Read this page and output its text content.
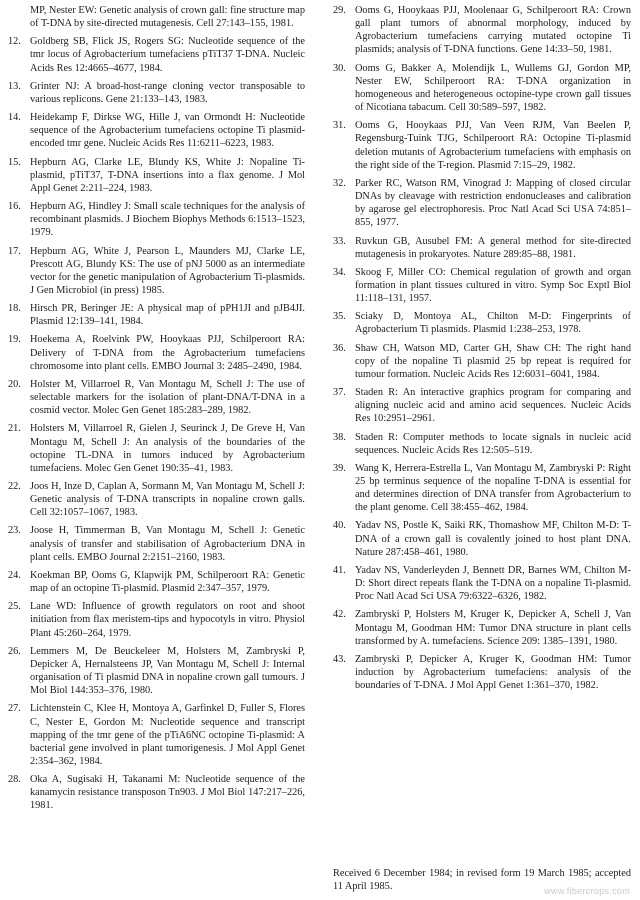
MP, Nester EW: Genetic analysis of crown gall: fine structure map of T-DNA by site-directed mutagenesis. Cell 27:143–155, 1981.

12. Goldberg SB, Flick JS, Rogers SG: Nucleotide sequence of the tmr locus of Agrobacterium tumefaciens pTiT37 T-DNA. Nucleic Acids Res 12:4665–4677, 1984.

13. Grinter NJ: A broad-host-range cloning vector transposable to various replicons. Gene 21:133–143, 1983.

14. Heidekamp F, Dirkse WG, Hille J, van Ormondt H: Nucleotide sequence of the Agrobacterium tumefaciens octopine Ti plasmid-encoded tmr gene. Nucleic Acids Res 11:6211–6223, 1983.

15. Hepburn AG, Clarke LE, Blundy KS, White J: Nopaline Ti-plasmid, pTiT37, T-DNA insertions into a flax genome. J Mol Appl Genet 2:211–224, 1983.

16. Hepburn AG, Hindley J: Small scale techniques for the analysis of recombinant plasmids. J Biochem Biophys Methods 6:1513–1523, 1979.

17. Hepburn AG, White J, Pearson L, Maunders MJ, Clarke LE, Prescott AG, Blundy KS: The use of pNJ 5000 as an intermediate vector for the genetic manipulation of Agrobacterium Ti-plasmids. J Gen Microbiol (in press) 1985.

18. Hirsch PR, Beringer JE: A physical map of pPH1JI and pJB4JI. Plasmid 12:139–141, 1984.

19. Hoekema A, Roelvink PW, Hooykaas PJJ, Schilperoort RA: Delivery of T-DNA from the Agrobacterium tumefaciens chromosome into plant cells. EMBO Journal 3: 2485–2490, 1984.

20. Holster M, Villarroel R, Van Montagu M, Schell J: The use of selectable markers for the isolation of plant-DNA/T-DNA in a cosmid vector. Molec Gen Genet 185:283–289, 1982.

21. Holsters M, Villarroel R, Gielen J, Seurinck J, De Greve H, Van Montagu M, Schell J: An analysis of the boundaries of the octopine TL-DNA in tumors induced by Agrobacterium tumefaciens. Molec Gen Genet 190:35–41, 1983.

22. Joos H, Inze D, Caplan A, Sormann M, Van Montagu M, Schell J: Genetic analysis of T-DNA transcripts in nopaline crown galls. Cell 32:1057–1067, 1983.

23. Joose H, Timmerman B, Van Montagu M, Schell J: Genetic analysis of transfer and stabilisation of Agrobacterium DNA in plant cells. EMBO Journal 2:2151–2160, 1983.

24. Koekman BP, Ooms G, Klapwijk PM, Schilperoort RA: Genetic map of an octopine Ti-plasmid. Plasmid 2:347–357, 1979.

25. Lane WD: Influence of growth regulators on root and shoot initiation from flax meristem-tips and hypocotyls in vitro. Physiol Plant 45:260–264, 1979.

26. Lemmers M, De Beuckeleer M, Holsters M, Zambryski P, Depicker A, Hernalsteens JP, Van Montagu M, Schell J: Internal organisation of Ti plasmid DNA in nopaline crown gall tumours. J Mol Biol 144:353–376, 1980.

27. Lichtenstein C, Klee H, Montoya A, Garfinkel D, Fuller S, Flores C, Nester E, Gordon M: Nucleotide sequence and transcript mapping of the tmr gene of the pTiA6NC octopine Ti-plasmid: A bacterial gene involved in plant tumorigenesis. J Mol Appl Genet 2:354–362, 1984.

28. Oka A, Sugisaki H, Takanami M: Nucleotide sequence of the kanamycin resistance transposon Tn903. J Mol Biol 147:217–226, 1981.

29. Ooms G, Hooykaas PJJ, Moolenaar G, Schilperoort RA: Crown gall plant tumors of abnormal morphology, induced by Agrobacterium tumefaciens carrying mutated octopine Ti plasmids; analysis of T-DNA functions. Gene 14:33–50, 1981.

30. Ooms G, Bakker A, Molendijk L, Wullems GJ, Gordon MP, Nester EW, Schilperoort RA: T-DNA organization in homogeneous and heterogeneous octopine-type crown gall tissues of Nicotiana tabacum. Cell 30:589–597, 1982.

31. Ooms G, Hooykaas PJJ, Van Veen RJM, Van Beelen P, Regensburg-Tuink TJG, Schilperoort RA: Octopine Ti-plasmid deletion mutants of Agrobacterium tumefaciens with emphasis on the right side of the T-region. Plasmid 7:15–29, 1982.

32. Parker RC, Watson RM, Vinograd J: Mapping of closed circular DNAs by cleavage with restriction endonucleases and calibration by agarose gel electrophoresis. Proc Natl Acad Sci USA 74:851–855, 1977.

33. Ruvkun GB, Ausubel FM: A general method for site-directed mutagenesis in prokaryotes. Nature 289:85–88, 1981.

34. Skoog F, Miller CO: Chemical regulation of growth and organ formation in plant tissues cultured in vitro. Symp Soc Exptl Biol 11:118–131, 1957.

35. Sciaky D, Montoya AL, Chilton M-D: Fingerprints of Agrobacterium Ti plasmids. Plasmid 1:238–253, 1978.

36. Shaw CH, Watson MD, Carter GH, Shaw CH: The right hand copy of the nopaline Ti plasmid 25 bp repeat is required for tumour formation. Nucleic Acids Res 12:6031–6041, 1984.

37. Staden R: An interactive graphics program for comparing and aligning nucleic acid and amino acid sequences. Nucleic Acids Res 10:2951–2961.

38. Staden R: Computer methods to locate signals in nucleic acid sequences. Nucleic Acids Res 12:505–519.

39. Wang K, Herrera-Estrella L, Van Montagu M, Zambryski P: Right 25 bp terminus sequence of the nopaline T-DNA is essential for and determines direction of DNA transfer from Agrobacterium to the plant genome. Cell 38:455–462, 1984.

40. Yadav NS, Postle K, Saiki RK, Thomashow MF, Chilton M-D: T-DNA of a crown gall is covalently joined to host plant DNA. Nature 287:458–461, 1980.

41. Yadav NS, Vanderleyden J, Bennett DR, Barnes WM, Chilton M-D: Short direct repeats flank the T-DNA on a nopaline Ti-plasmid. Proc Natl Acad Sci USA 79:6322–6326, 1982.

42. Zambryski P, Holsters M, Kruger K, Depicker A, Schell J, Van Montagu M, Goodman HM: Tumor DNA structure in plant cells transformed by A. tumefaciens. Science 209: 1385–1391, 1980.

43. Zambryski P, Depicker A, Kruger K, Goodman HM: Tumor induction by Agrobacterium tumefaciens: analysis of the boundaries of T-DNA. J Mol Appl Genet 1:361–370, 1982.

Received 6 December 1984; in revised form 19 March 1985; accepted 11 April 1985.	www.fibercrops.com
